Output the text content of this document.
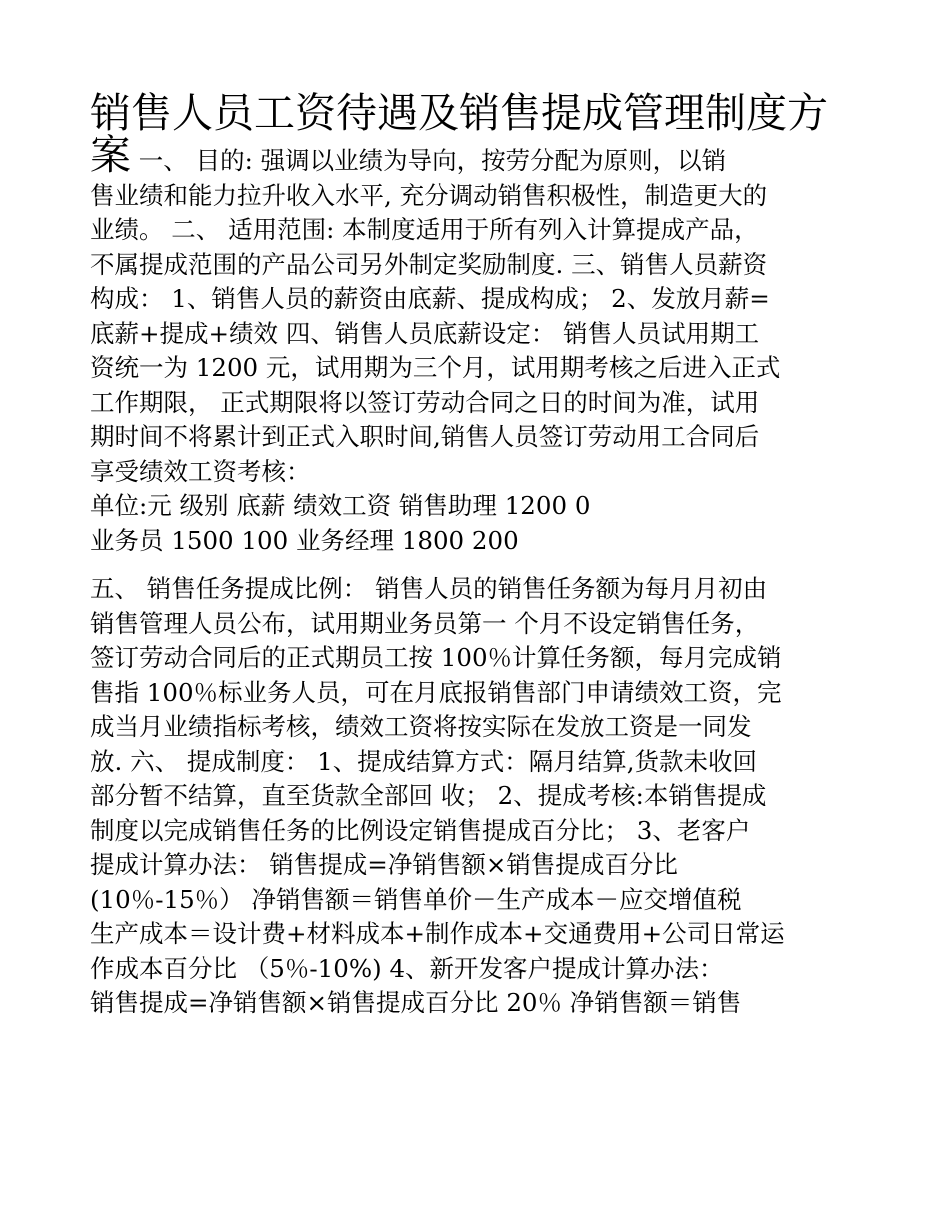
销售人员工资待遇及销售提成管理制度方
案 一、 目的: 强调以业绩为导向，按劳分配为原则，以销
售业绩和能力拉升收入水平, 充分调动销售积极性，制造更大的
业绩。 二、 适用范围: 本制度适用于所有列入计算提成产品，
不属提成范围的产品公司另外制定奖励制度. 三、销售人员薪资
构成： 1、销售人员的薪资由底薪、提成构成； 2、发放月薪=
底薪+提成+绩效 四、销售人员底薪设定： 销售人员试用期工
资统一为 1200 元，试用期为三个月，试用期考核之后进入正式
工作期限， 正式期限将以签订劳动合同之日的时间为准，试用
期时间不将累计到正式入职时间,销售人员签订劳动用工合同后
享受绩效工资考核：
单位:元 级别 底薪 绩效工资 销售助理 1200 0
业务员 1500 100 业务经理 1800 200
五、 销售任务提成比例： 销售人员的销售任务额为每月月初由
销售管理人员公布，试用期业务员第一 个月不设定销售任务，
签订劳动合同后的正式期员工按 100％计算任务额，每月完成销
售指 100％标业务人员，可在月底报销售部门申请绩效工资，完
成当月业绩指标考核，绩效工资将按实际在发放工资是一同发
放. 六、 提成制度： 1、提成结算方式：隔月结算,货款未收回
部分暂不结算，直至货款全部回 收； 2、提成考核:本销售提成
制度以完成销售任务的比例设定销售提成百分比； 3、老客户
提成计算办法： 销售提成=净销售额×销售提成百分比
(10％-15％） 净销售额＝销售单价－生产成本－应交增值税
生产成本＝设计费+材料成本+制作成本+交通费用+公司日常运
作成本百分比 （5％-10%) 4、新开发客户提成计算办法：
销售提成=净销售额×销售提成百分比 20％ 净销售额＝销售
